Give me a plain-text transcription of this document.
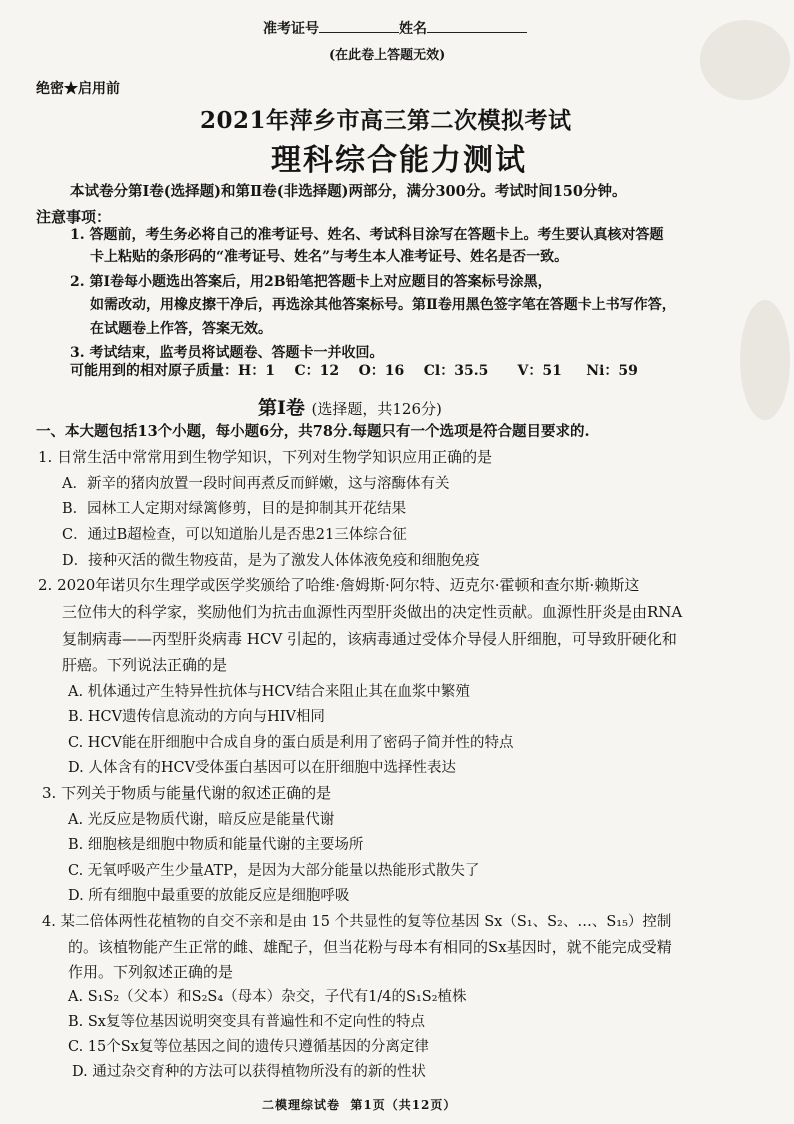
准考证号	姓名
(在此卷上答题无效)
绝密★启用前
2021年萍乡市高三第二次模拟考试
理科综合能力测试
本试卷分第Ⅰ卷(选择题)和第Ⅱ卷(非选择题)两部分，满分300分。考试时间150分钟。
注意事项：
1. 答题前，考生务必将自己的准考证号、姓名、考试科目涂写在答题卡上。考生要认真核对答题
卡上粘贴的条形码的“准考证号、姓名”与考生本人准考证号、姓名是否一致。
2. 第Ⅰ卷每小题选出答案后，用2B铅笔把答题卡上对应题目的答案标号涂黑，
如需改动，用橡皮擦干净后，再选涂其他答案标号。第Ⅱ卷用黑色签字笔在答题卡上书写作答，
在试题卷上作答，答案无效。
3. 考试结束，监考员将试题卷、答题卡一并收回。
可能用到的相对原子质量：H：1    C：12    O：16    Cl：35.5      V：51     Ni：59
第Ⅰ卷 (选择题，共126分)
一、本大题包括13个小题，每小题6分，共78分.每题只有一个选项是符合题目要求的.
1. 日常生活中常常用到生物学知识，下列对生物学知识应用正确的是
A．新辛的猪肉放置一段时间再煮反而鲜嫩，这与溶酶体有关
B．园林工人定期对绿篱修剪，目的是抑制其开花结果
C．通过B超检查，可以知道胎儿是否患21三体综合征
D．接种灭活的微生物疫苗，是为了激发人体体液免疫和细胞免疫
2. 2020年诺贝尔生理学或医学奖颁给了哈维·詹姆斯·阿尔特、迈克尔·霍顿和查尔斯·赖斯这
三位伟大的科学家，奖励他们为抗击血源性丙型肝炎做出的决定性贡献。血源性肝炎是由RNA
复制病毒——丙型肝炎病毒 HCV 引起的，该病毒通过受体介导侵人肝细胞，可导致肝硬化和
肝癌。下列说法正确的是
A. 机体通过产生特异性抗体与HCV结合来阻止其在血浆中繁殖
B. HCV遗传信息流动的方向与HIV相同
C. HCV能在肝细胞中合成自身的蛋白质是利用了密码子简并性的特点
D. 人体含有的HCV受体蛋白基因可以在肝细胞中选择性表达
3. 下列关于物质与能量代谢的叙述正确的是
A. 光反应是物质代谢，暗反应是能量代谢
B. 细胞核是细胞中物质和能量代谢的主要场所
C. 无氧呼吸产生少量ATP，是因为大部分能量以热能形式散失了
D. 所有细胞中最重要的放能反应是细胞呼吸
4. 某二倍体两性花植物的自交不亲和是由 15 个共显性的复等位基因 Sx（S₁、S₂、…、S₁₅）控制
的。该植物能产生正常的雌、雄配子，但当花粉与母本有相同的Sx基因时，就不能完成受精
作用。下列叙述正确的是
A. S₁S₂（父本）和S₂S₄（母本）杂交，子代有1/4的S₁S₂植株
B. Sx复等位基因说明突变具有普遍性和不定向性的特点
C. 15个Sx复等位基因之间的遗传只遵循基因的分离定律
D. 通过杂交育种的方法可以获得植物所没有的新的性状
二模理综试卷  第1页（共12页）
